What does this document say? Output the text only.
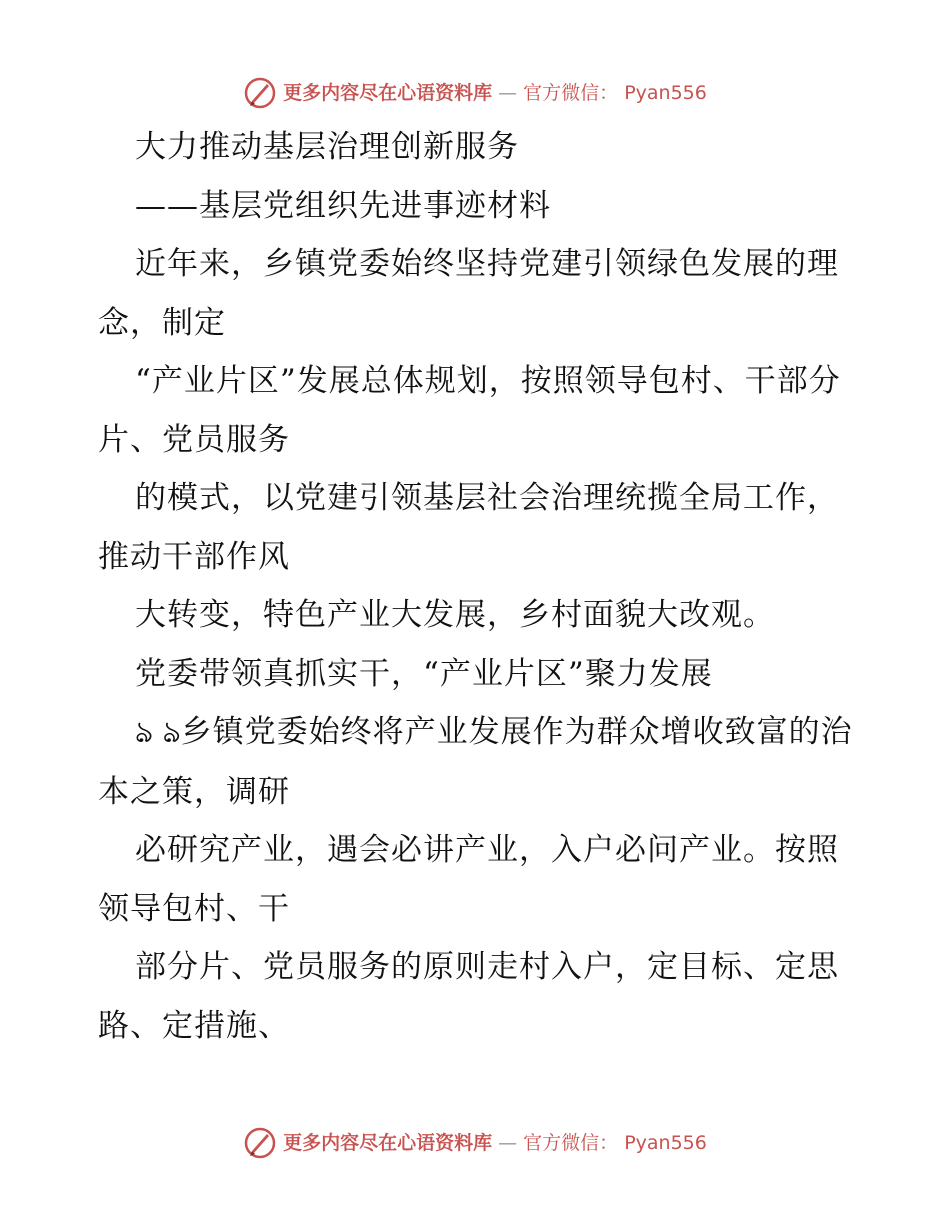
更多内容尽在心语资料库 — 官方微信： Pyan556

大力推动基层治理创新服务

——基层党组织先进事迹材料

近年来，乡镇党委始终坚持党建引领绿色发展的理念，制定

“产业片区”发展总体规划，按照领导包村、干部分片、党员服务

的模式，以党建引领基层社会治理统揽全局工作，推动干部作风

大转变，特色产业大发展，乡村面貌大改观。

党委带领真抓实干，“产业片区”聚力发展

ঌ ঌ乡镇党委始终将产业发展作为群众增收致富的治本之策，调研

必研究产业，遇会必讲产业，入户必问产业。按照领导包村、干

部分片、党员服务的原则走村入户，定目标、定思路、定措施、

更多内容尽在心语资料库 — 官方微信： Pyan556
